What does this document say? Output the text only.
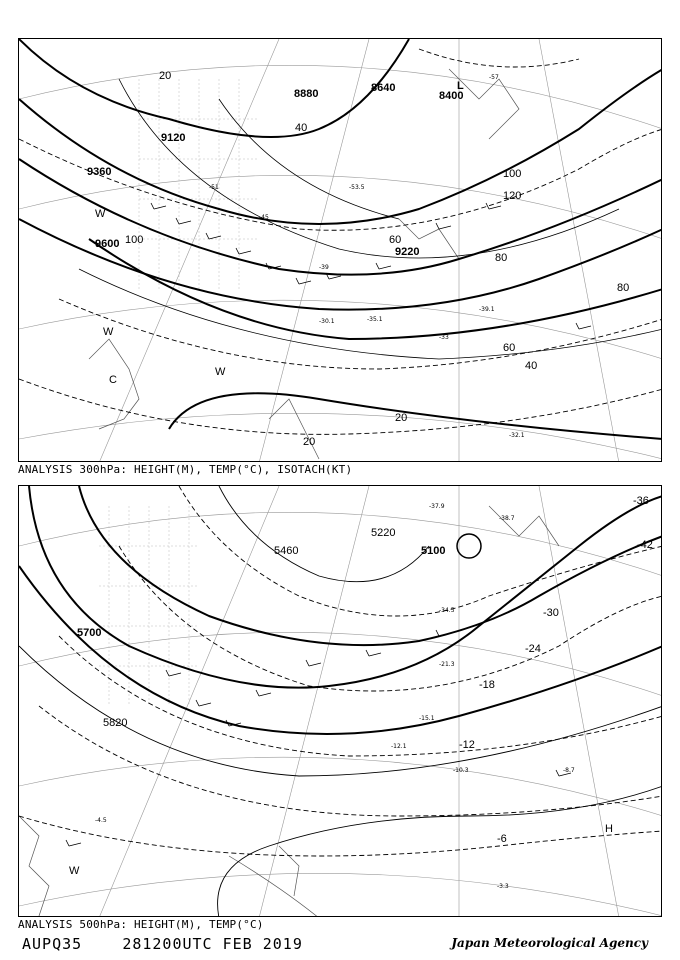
8880	8640
8400
9120
9360
9600
9220
20
40
60
80
100
120
100
80
60
40
20
20
-51
-45
-39
-33
-57
-53.5
-35.1
-39.1
-32.1
-30.1
L
W
W
W
C
ANALYSIS 300hPa: HEIGHT(M), TEMP(°C), ISOTACH(KT)
5460	5100
5220
5700
5820
-36
-30
-24
-18
-12
-6
-42
-37.9
-38.7
-34.5
-21.3
-15.1
-10.3	-8.7
-3.3
-4.5
-12.1
H
W
ANALYSIS 500hPa: HEIGHT(M), TEMP(°C)
AUPQ35	281200UTC FEB 2019	Japan Meteorological Agency
